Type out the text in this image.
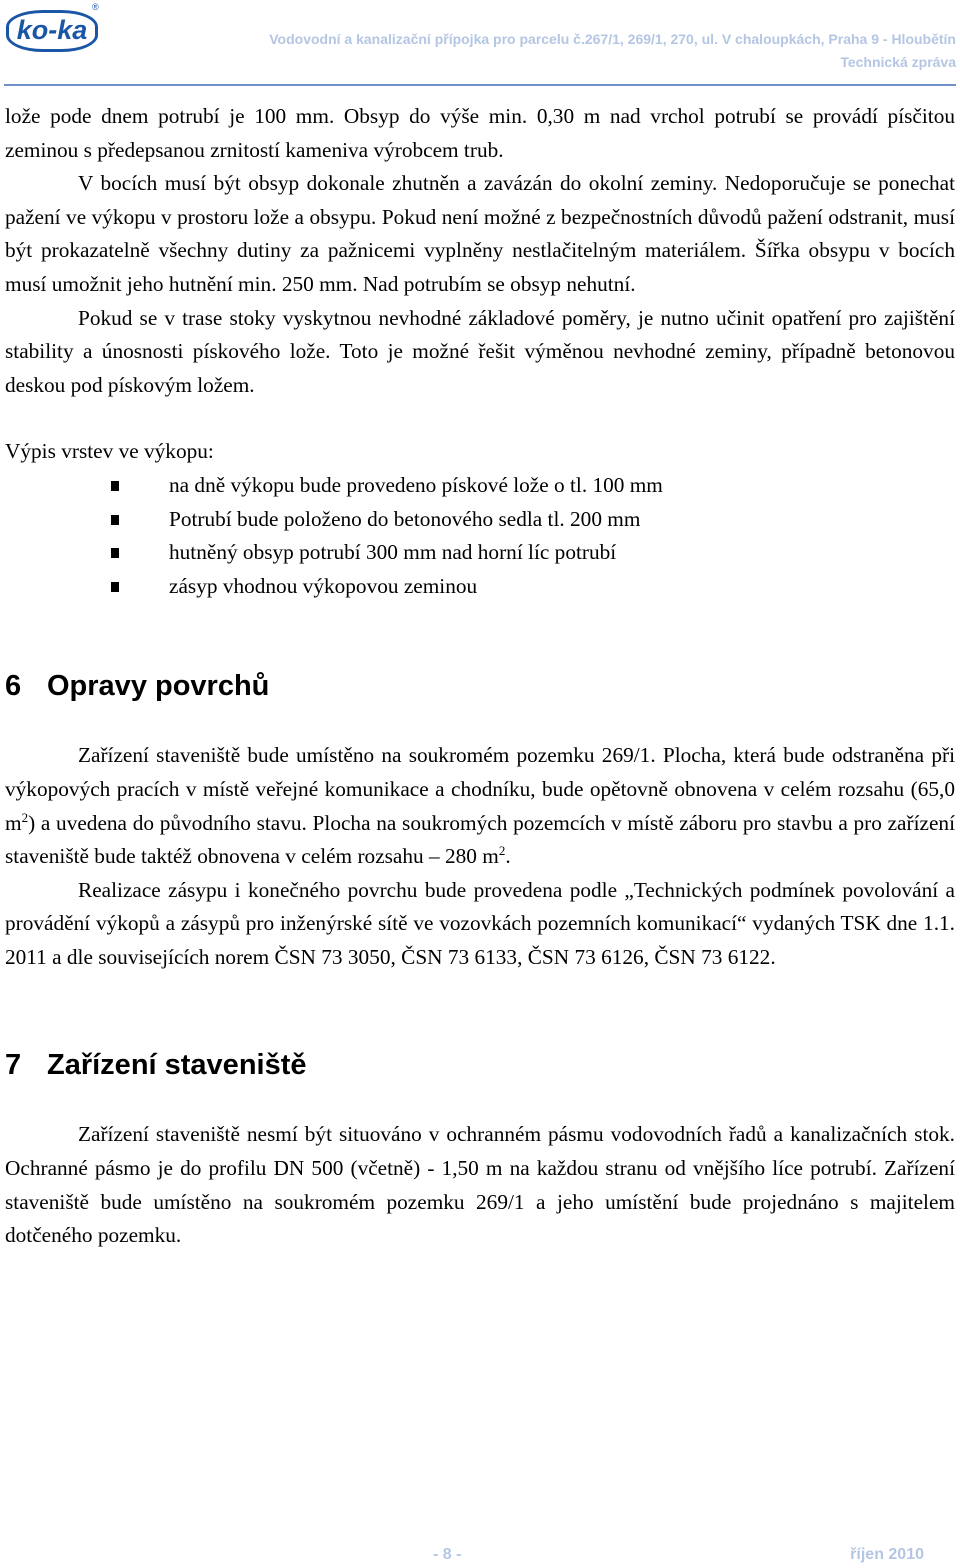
ko-ka
®
Vodovodní a kanalizační přípojka pro parcelu č.267/1, 269/1, 270, ul. V chaloupkách, Praha 9 - Hloubětín
Technická zpráva

lože pode dnem potrubí je 100 mm. Obsyp do výše min. 0,30 m nad vrchol potrubí se provádí písčitou zeminou s předepsanou zrnitostí kameniva výrobcem trub.

V bocích musí být obsyp dokonale zhutněn a zavázán do okolní zeminy. Nedoporučuje se ponechat pažení ve výkopu v prostoru lože a obsypu. Pokud není možné z bezpečnostních důvodů pažení odstranit, musí být prokazatelně všechny dutiny za pažnicemi vyplněny nestlačitelným materiálem. Šířka obsypu v bocích musí umožnit jeho hutnění min. 250 mm. Nad potrubím se obsyp nehutní.

Pokud se v trase stoky vyskytnou nevhodné základové poměry, je nutno učinit opatření pro zajištění stability a únosnosti pískového lože. Toto je možné řešit výměnou nevhodné zeminy, případně betonovou deskou pod pískovým ložem.

Výpis vrstev ve výkopu:

na dně výkopu bude provedeno pískové lože o tl. 100 mm
Potrubí bude položeno do betonového sedla tl. 200 mm
hutněný obsyp potrubí 300 mm nad horní líc potrubí
zásyp vhodnou výkopovou zeminou
6 Opravy povrchů

Zařízení staveniště bude umístěno na soukromém pozemku 269/1. Plocha, která bude odstraněna při výkopových pracích v místě veřejné komunikace a chodníku, bude opětovně obnovena v celém rozsahu (65,0 $m^2$) a uvedena do původního stavu. Plocha na soukromých pozemcích v místě záboru pro stavbu a pro zařízení staveniště bude taktéž obnovena v celém rozsahu – 280 $m^2$.

Realizace zásypu i konečného povrchu bude provedena podle „Technických podmínek povolování a provádění výkopů a zásypů pro inženýrské sítě ve vozovkách pozemních komunikací“ vydaných TSK dne 1.1. 2011 a dle souvisejících norem ČSN 73 3050, ČSN 73 6133, ČSN 73 6126, ČSN 73 6122.

7 Zařízení staveniště

Zařízení staveniště nesmí být situováno v ochranném pásmu vodovodních řadů a kanalizačních stok. Ochranné pásmo je do profilu DN 500 (včetně) - 1,50 m na každou stranu od vnějšího líce potrubí. Zařízení staveniště bude umístěno na soukromém pozemku 269/1 a jeho umístění bude projednáno s majitelem dotčeného pozemku.

- 8 -	říjen 2010
